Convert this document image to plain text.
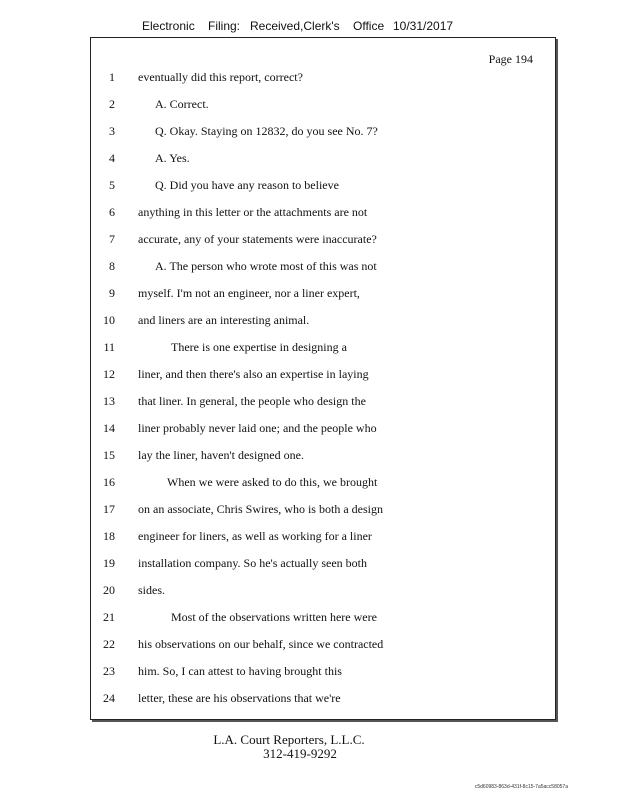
Electronic Filing: Received,Clerk's Office 10/31/2017
Page 194
1 eventually did this report, correct?
2	A. Correct.
3	Q. Okay. Staying on 12832, do you see No. 7?
4	A. Yes.
5	Q. Did you have any reason to believe
6 anything in this letter or the attachments are not
7 accurate, any of your statements were inaccurate?
8	A. The person who wrote most of this was not
9 myself. I'm not an engineer, nor a liner expert,
10 and liners are an interesting animal.
11	There is one expertise in designing a
12 liner, and then there's also an expertise in laying
13 that liner. In general, the people who design the
14 liner probably never laid one; and the people who
15 lay the liner, haven't designed one.
16	When we were asked to do this, we brought
17 on an associate, Chris Swires, who is both a design
18 engineer for liners, as well as working for a liner
19 installation company. So he's actually seen both
20 sides.
21	Most of the observations written here were
22 his observations on our behalf, since we contracted
23 him. So, I can attest to having brought this
24 letter, these are his observations that we're
L.A. Court Reporters, L.L.C.
312-419-9292
c5d60983-863d-431f-8c15-7a5acc58057a
